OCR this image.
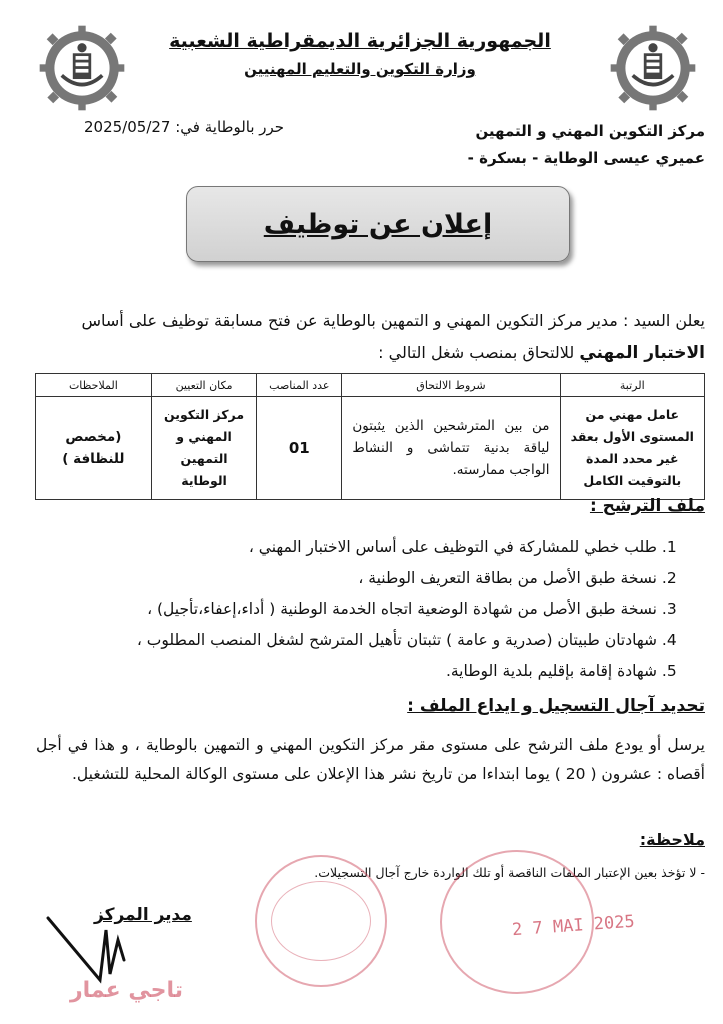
الجمهورية الجزائرية الديمقراطية الشعبية
وزارة التكوين والتعليم المهنيين
مركز التكوين المهني و التمهين
عميري عيسى الوطاية - بسكرة -
حرر بالوطاية في: 2025/05/27
إعلان عن توظيف
يعلن السيد : مدير مركز التكوين المهني و التمهين بالوطاية عن فتح مسابقة توظيف على أساس
الاختبار المهني للالتحاق بمنصب شغل التالي :
الرتبة	شروط الالتحاق	عدد المناصب	مكان التعيين	الملاحظات
عامل مهني من المستوى الأول بعقد غير محدد المدة بالتوقيت الكامل	من بين المترشحين الذين يثبتون لياقة بدنية تتماشى و النشاط الواجب ممارسته.	01	مركز التكوين المهني و التمهين الوطاية	(مخصص للنظافة )
ملف الترشح :
1. طلب خطي للمشاركة في التوظيف على أساس الاختبار المهني ،
2. نسخة طبق الأصل من بطاقة التعريف الوطنية ،
3. نسخة طبق الأصل من شهادة الوضعية اتجاه الخدمة الوطنية ( أداء،إعفاء،تأجيل) ،
4. شهادتان طبيتان (صدرية و عامة ) تثبتان تأهيل المترشح لشغل المنصب المطلوب ،
5. شهادة إقامة بإقليم بلدية الوطاية.
تحديد آجال التسجيل و ايداع الملف :
يرسل أو يودع ملف الترشح على مستوى مقر مركز التكوين المهني و التمهين بالوطاية ، و هذا في أجل أقصاه : عشرون ( 20 ) يوما ابتداءا من تاريخ نشر هذا الإعلان على مستوى الوكالة المحلية للتشغيل.
ملاحظة:
- لا تؤخذ بعين الإعتبار الملفات الناقصة أو تلك الواردة خارج آجال التسجيلات.
مدير المركز	2 7 MAI 2025
تاجي عمار
